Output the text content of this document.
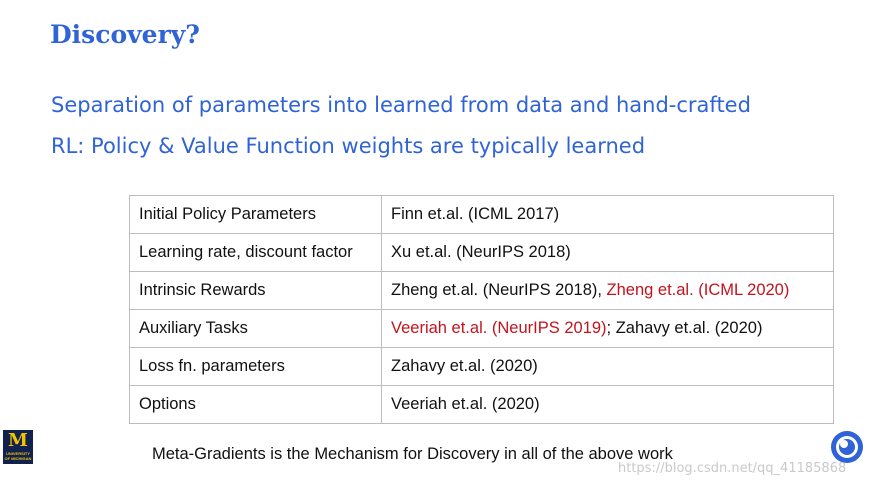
Discovery?
Separation of parameters into learned from data and hand-crafted
RL: Policy & Value Function weights are typically learned
Initial Policy Parameters	Finn et.al. (ICML 2017)
Learning rate, discount factor	Xu et.al. (NeurIPS 2018)
Intrinsic Rewards	Zheng et.al. (NeurIPS 2018), Zheng et.al. (ICML 2020)
Auxiliary Tasks	Veeriah et.al. (NeurIPS 2019); Zahavy et.al. (2020)
Loss fn. parameters	Zahavy et.al. (2020)
Options	Veeriah et.al. (2020)
Meta-Gradients is the Mechanism for Discovery in all of the above work
M
UNIVERSITY OF MICHIGAN
https://blog.csdn.net/qq_41185868
